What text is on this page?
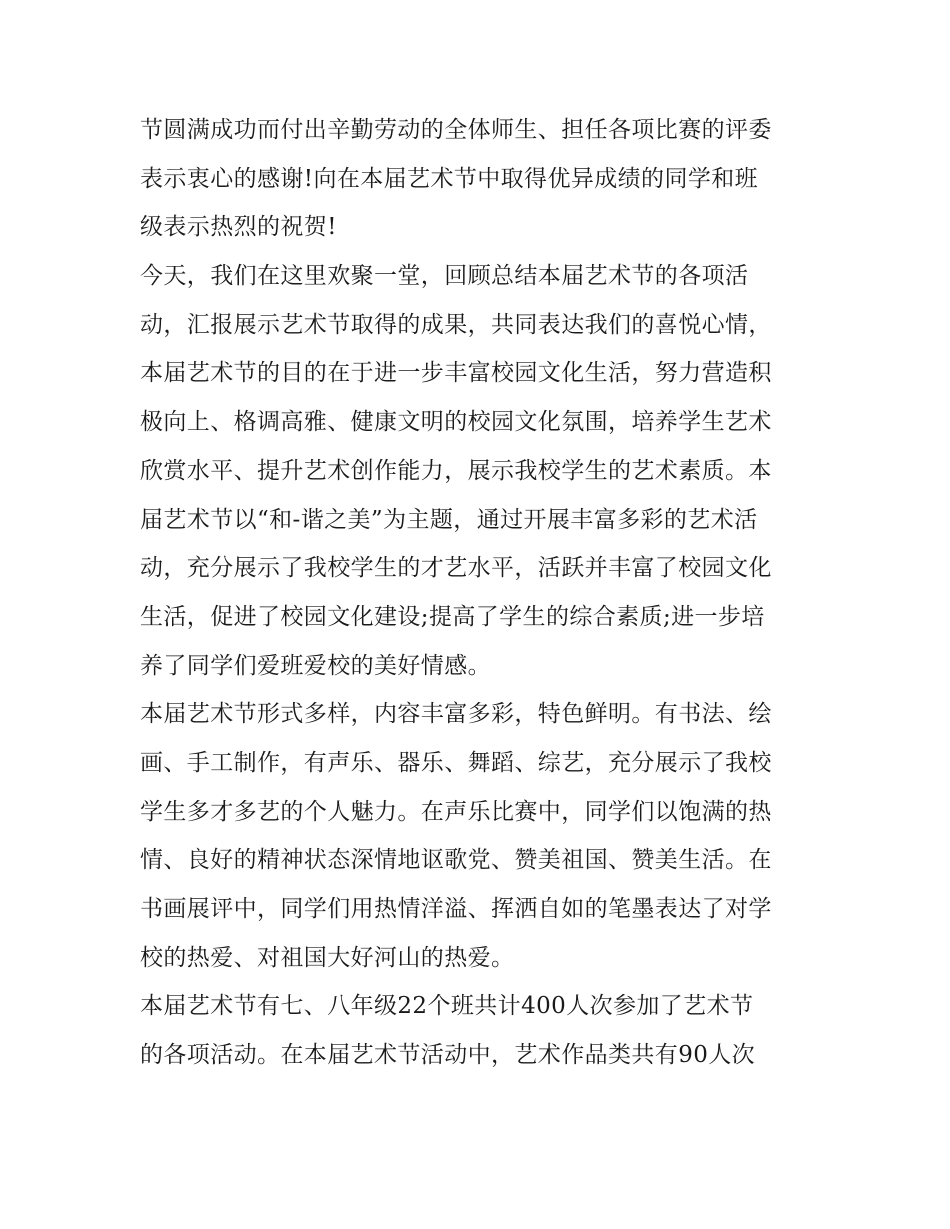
节圆满成功而付出辛勤劳动的全体师生、担任各项比赛的评委
表示衷心的感谢!向在本届艺术节中取得优异成绩的同学和班
级表示热烈的祝贺!
今天，我们在这里欢聚一堂，回顾总结本届艺术节的各项活
动，汇报展示艺术节取得的成果，共同表达我们的喜悦心情，
本届艺术节的目的在于进一步丰富校园文化生活，努力营造积
极向上、格调高雅、健康文明的校园文化氛围，培养学生艺术
欣赏水平、提升艺术创作能力，展示我校学生的艺术素质。本
届艺术节以“和-谐之美”为主题，通过开展丰富多彩的艺术活
动，充分展示了我校学生的才艺水平，活跃并丰富了校园文化
生活，促进了校园文化建设;提高了学生的综合素质;进一步培
养了同学们爱班爱校的美好情感。
本届艺术节形式多样，内容丰富多彩，特色鲜明。有书法、绘
画、手工制作，有声乐、器乐、舞蹈、综艺，充分展示了我校
学生多才多艺的个人魅力。在声乐比赛中，同学们以饱满的热
情、良好的精神状态深情地讴歌党、赞美祖国、赞美生活。在
书画展评中，同学们用热情洋溢、挥洒自如的笔墨表达了对学
校的热爱、对祖国大好河山的热爱。
本届艺术节有七、八年级22个班共计400人次参加了艺术节
的各项活动。在本届艺术节活动中，艺术作品类共有90人次
